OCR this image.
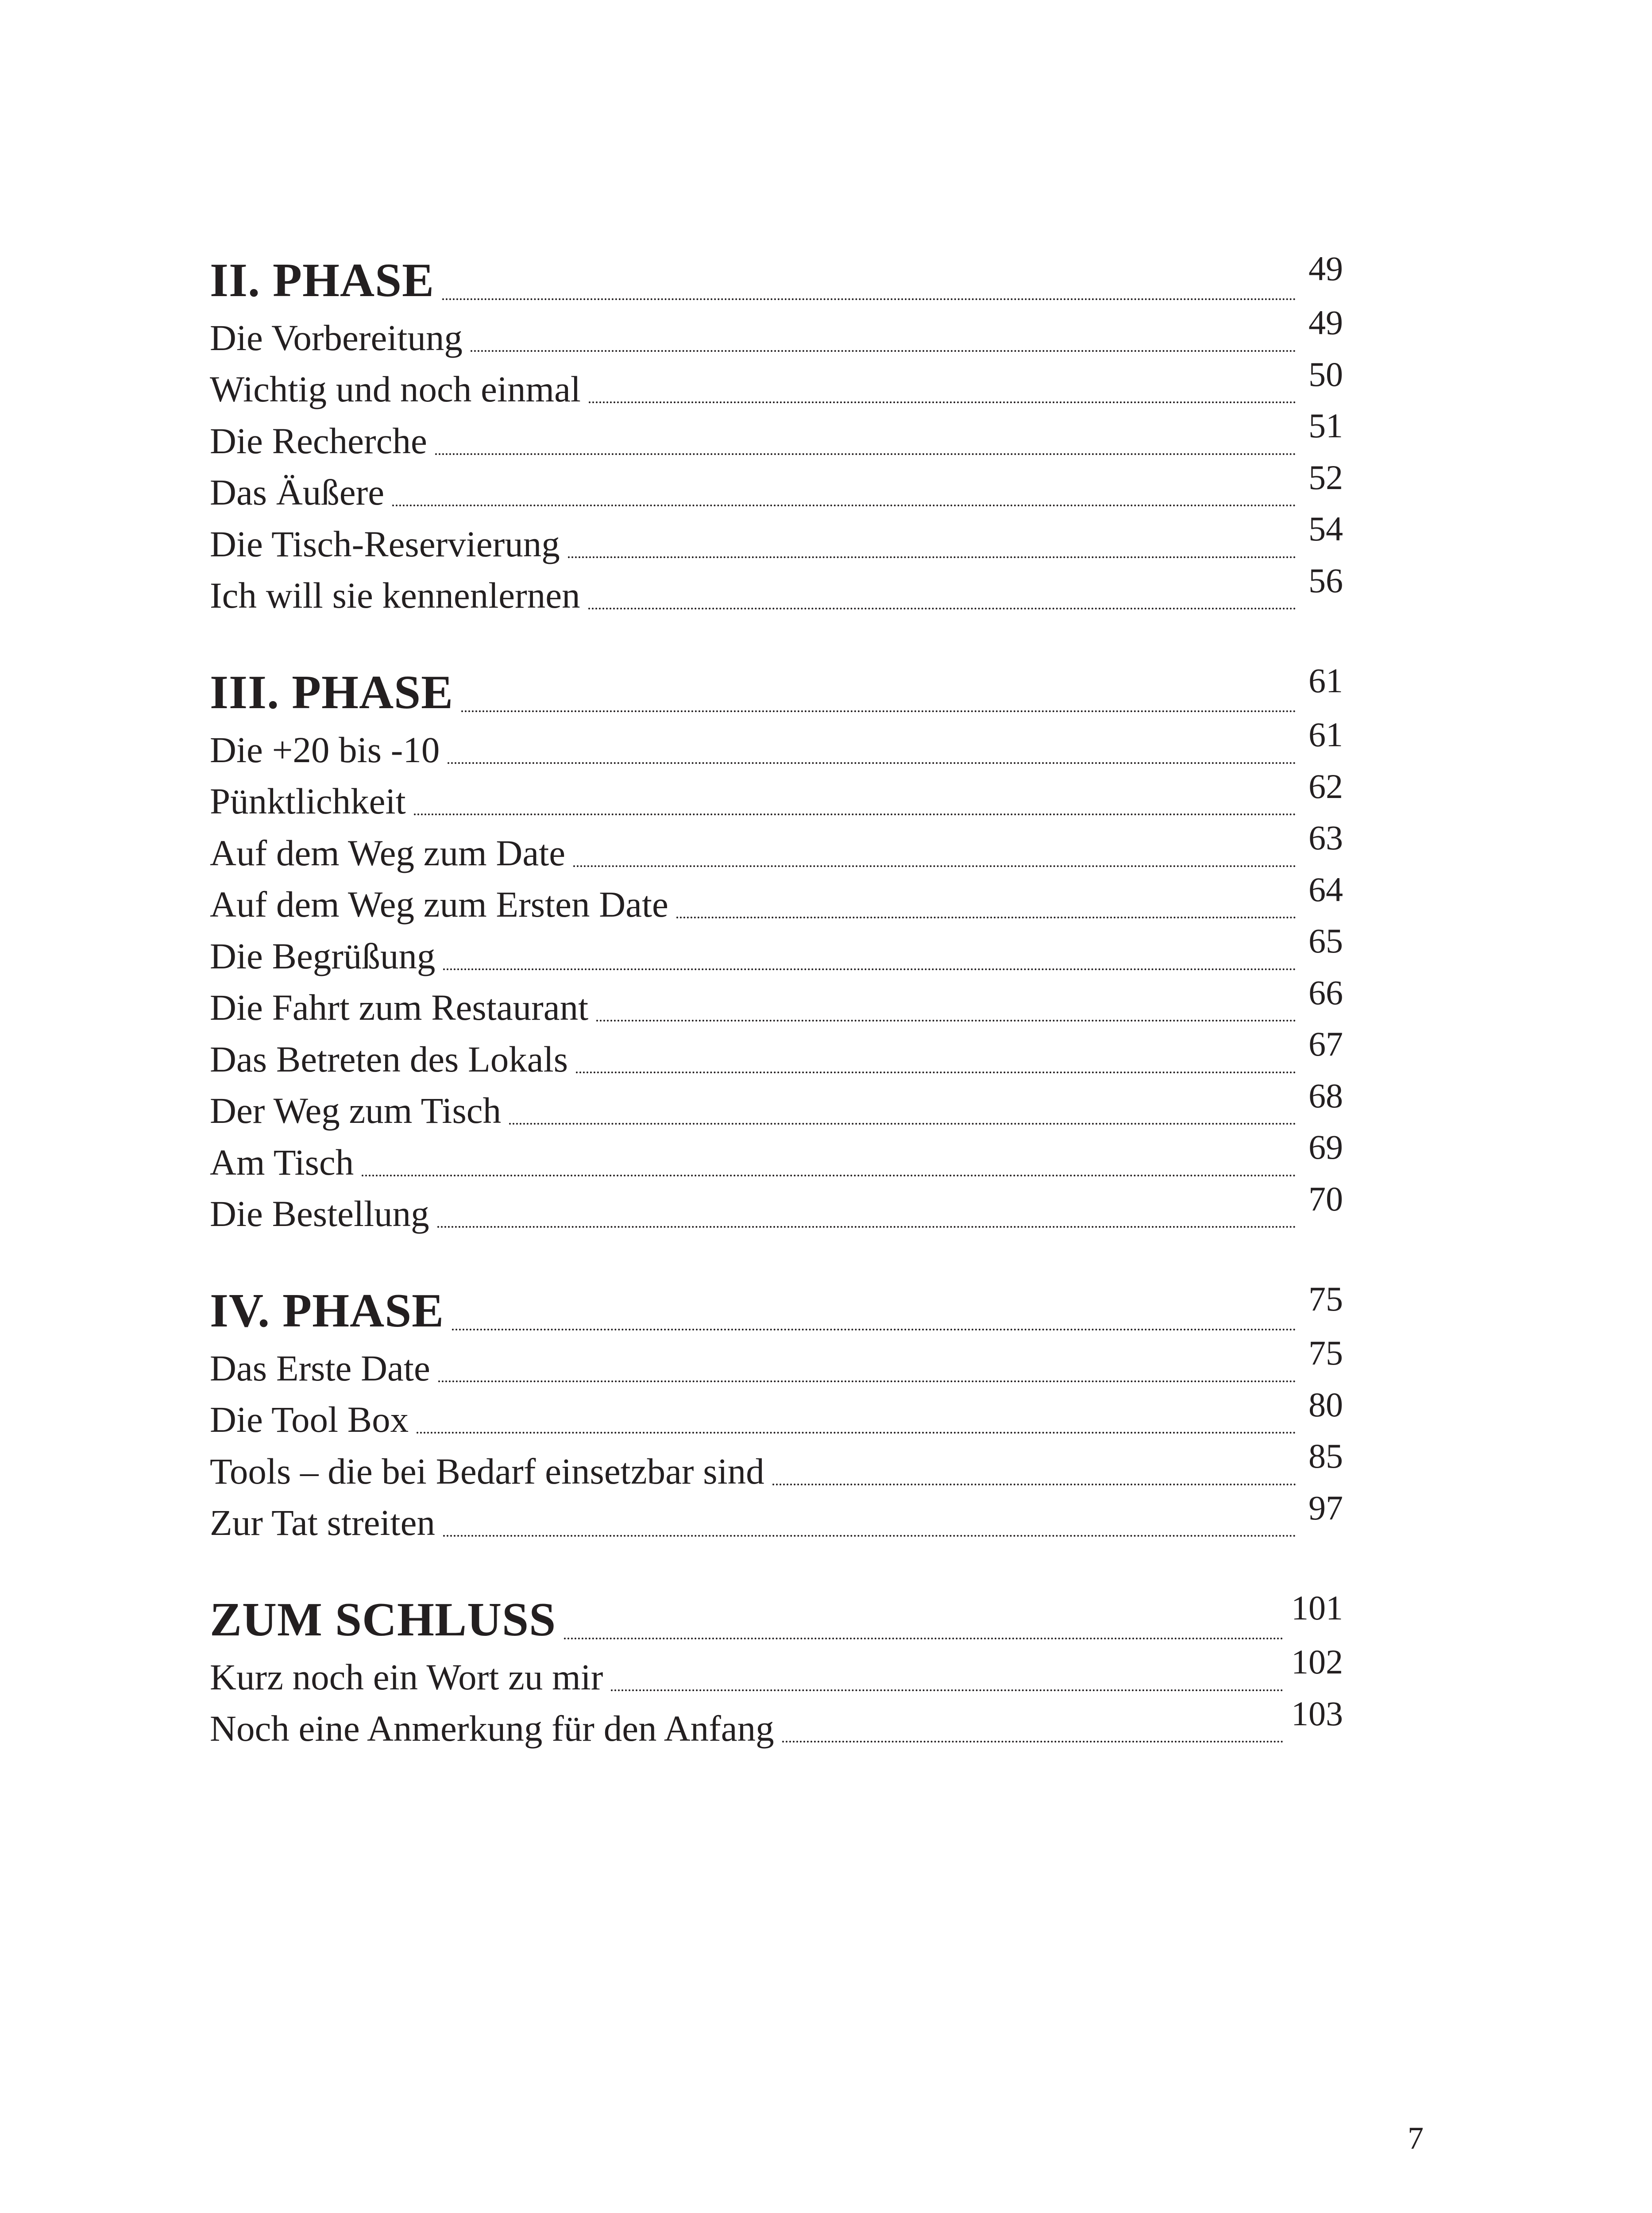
II. PHASE	49
Die Vorbereitung	49
Wichtig und noch einmal	50
Die Recherche	51
Das Äußere	52
Die Tisch-Reservierung	54
Ich will sie kennenlernen	56
III. PHASE	61
Die +20 bis -10	61
Pünktlichkeit	62
Auf dem Weg zum Date	63
Auf dem Weg zum Ersten Date	64
Die Begrüßung	65
Die Fahrt zum Restaurant	66
Das Betreten des Lokals	67
Der Weg zum Tisch	68
Am Tisch	69
Die Bestellung	70
IV. PHASE	75
Das Erste Date	75
Die Tool Box	80
Tools – die bei Bedarf einsetzbar sind	85
Zur Tat streiten	97
ZUM SCHLUSS	101
Kurz noch ein Wort zu mir	102
Noch eine Anmerkung für den Anfang	103
7
